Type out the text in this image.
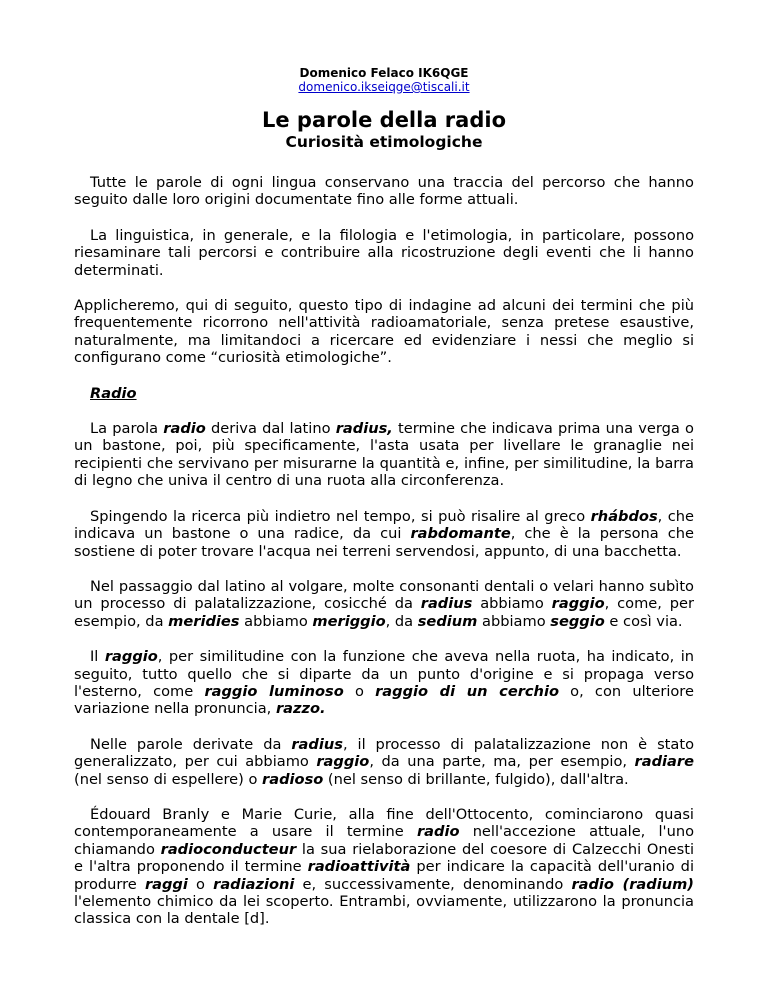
Domenico Felaco IK6QGE

domenico.ikseiqge@tiscali.it

Le parole della radio

Curiosità etimologiche

Tutte le parole di ogni lingua conservano una traccia del percorso che hanno seguito dalle loro origini documentate fino alle forme attuali.

La linguistica, in generale, e la filologia e l'etimologia, in particolare, possono riesaminare tali percorsi e contribuire alla ricostruzione degli eventi che li hanno determinati.

Applicheremo, qui di seguito, questo tipo di indagine ad alcuni dei termini che più frequentemente ricorrono nell'attività radioamatoriale, senza pretese esaustive, naturalmente, ma limitandoci a ricercare ed evidenziare i nessi che meglio si configurano come “curiosità etimologiche”.

Radio

La parola radio deriva dal latino radius, termine che indicava prima una verga o un bastone, poi, più specificamente, l'asta usata per livellare le granaglie nei recipienti che servivano per misurarne la quantità e, infine, per similitudine, la barra di legno che univa il centro di una ruota alla circonferenza.

Spingendo la ricerca più indietro nel tempo, si può risalire al greco rhábdos, che indicava un bastone o una radice, da cui rabdomante, che è la persona che sostiene di poter trovare l'acqua nei terreni servendosi, appunto, di una bacchetta.

Nel passaggio dal latino al volgare, molte consonanti dentali o velari hanno subìto un processo di palatalizzazione, cosicché da radius abbiamo raggio, come, per esempio, da meridies abbiamo meriggio, da sedium abbiamo seggio e così via.

Il raggio, per similitudine con la funzione che aveva nella ruota, ha indicato, in seguito, tutto quello che si diparte da un punto d'origine e si propaga verso l'esterno, come raggio luminoso o raggio di un cerchio o, con ulteriore variazione nella pronuncia, razzo.

Nelle parole derivate da radius, il processo di palatalizzazione non è stato generalizzato, per cui abbiamo raggio, da una parte, ma, per esempio, radiare (nel senso di espellere) o radioso (nel senso di brillante, fulgido), dall'altra.

Édouard Branly e Marie Curie, alla fine dell'Ottocento, cominciarono quasi contemporaneamente a usare il termine radio nell'accezione attuale, l'uno chiamando radioconducteur la sua rielaborazione del coesore di Calzecchi Onesti e l'altra proponendo il termine radioattività per indicare la capacità dell'uranio di produrre raggi o radiazioni e, successivamente, denominando radio (radium) l'elemento chimico da lei scoperto. Entrambi, ovviamente, utilizzarono la pronuncia classica con la dentale [d].
